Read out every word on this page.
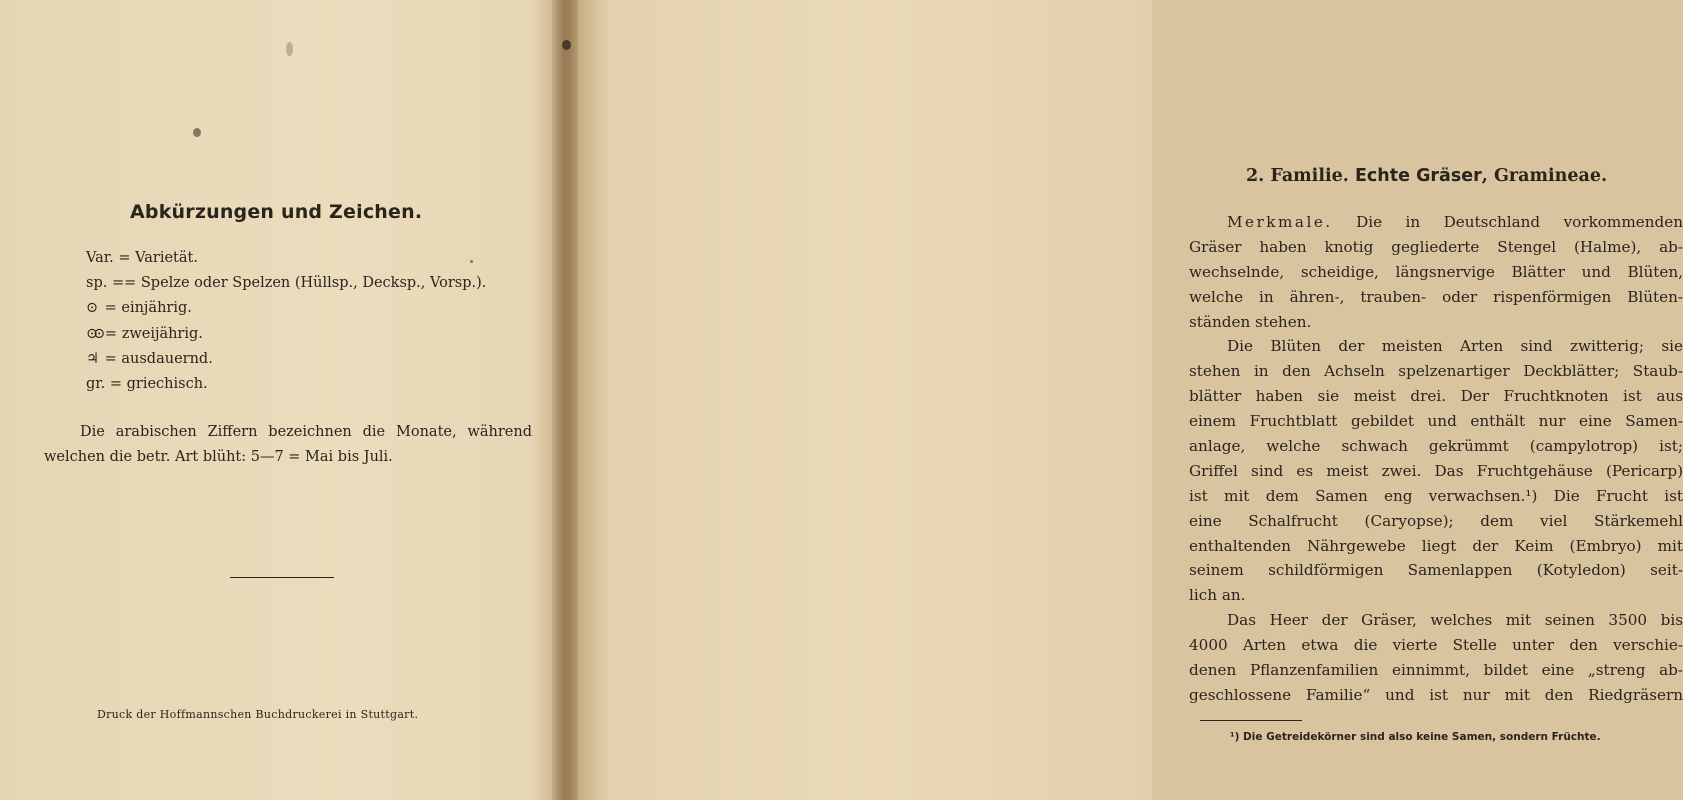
Abkürzungen und Zeichen.
Var. = Varietät.
sp. == Spelze oder Spelzen (Hüllsp., Decksp., Vorsp.).
⊙ = einjährig.
⊙⊙ = zweijährig.
♃ = ausdauernd.
gr. = griechisch.

Die arabischen Ziffern bezeichnen die Monate, während
welchen die betr. Art blüht: 5—7 = Mai bis Juli.

Druck der Hoffmannschen Buchdruckerei in Stuttgart.

2. Familie. Echte Gräser, Gramineae.
Merkmale. Die in Deutschland vorkommenden
Gräser haben knotig gegliederte Stengel (Halme), ab-
wechselnde, scheidige, längsnervige Blätter und Blüten,
welche in ähren-, trauben- oder rispenförmigen Blüten-
ständen stehen.
Die Blüten der meisten Arten sind zwitterig; sie
stehen in den Achseln spelzenartiger Deckblätter; Staub-
blätter haben sie meist drei. Der Fruchtknoten ist aus
einem Fruchtblatt gebildet und enthält nur eine Samen-
anlage, welche schwach gekrümmt (campylotrop) ist;
Griffel sind es meist zwei. Das Fruchtgehäuse (Pericarp)
ist mit dem Samen eng verwachsen.¹) Die Frucht ist
eine Schalfrucht (Caryopse); dem viel Stärkemehl
enthaltenden Nährgewebe liegt der Keim (Embryo) mit
seinem schildförmigen Samenlappen (Kotyledon) seit-
lich an.
Das Heer der Gräser, welches mit seinen 3500 bis
4000 Arten etwa die vierte Stelle unter den verschie-
denen Pflanzenfamilien einnimmt, bildet eine „streng ab-
geschlossene Familie“ und ist nur mit den Riedgräsern

¹) Die Getreidekörner sind also keine Samen, sondern Früchte.
